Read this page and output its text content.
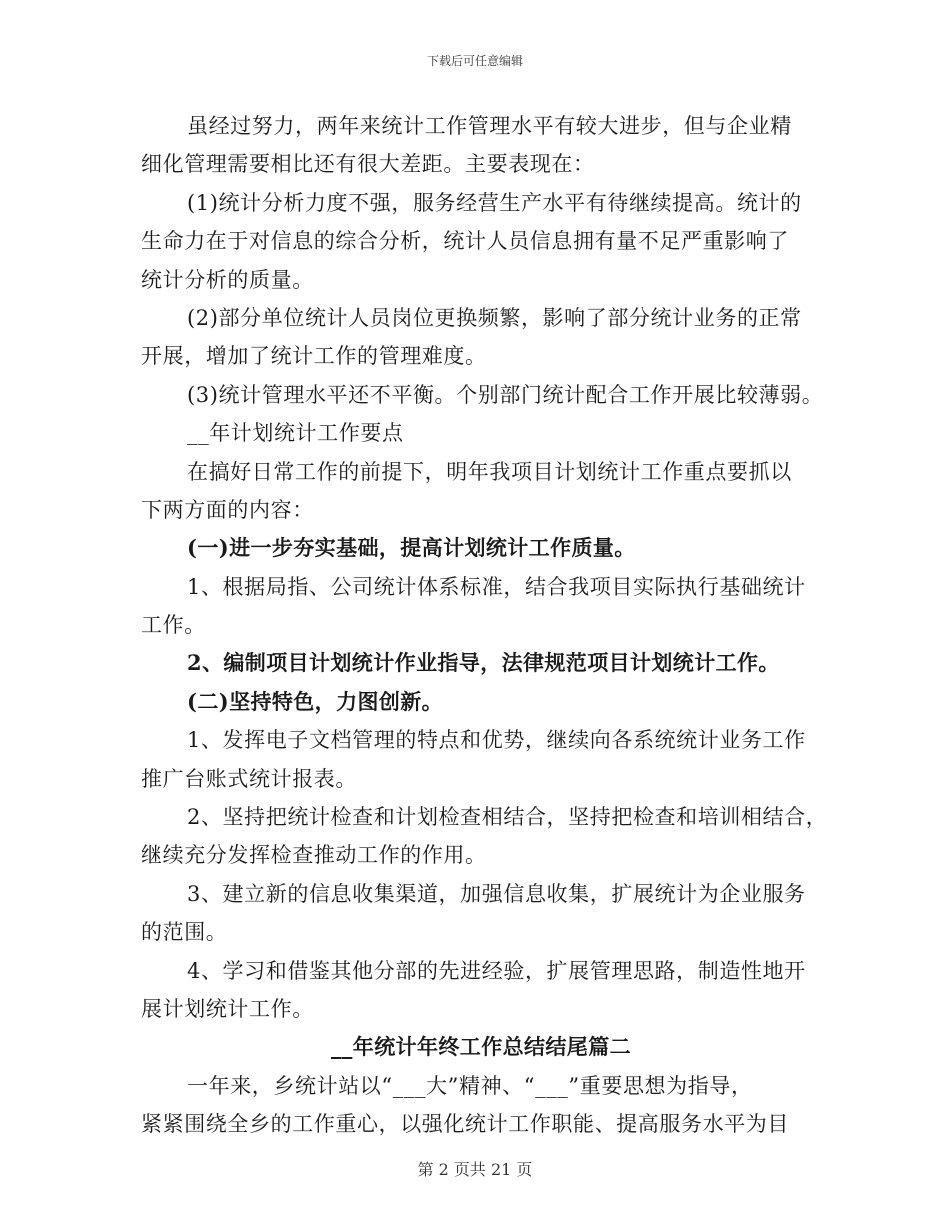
下载后可任意编辑
虽经过努力，两年来统计工作管理水平有较大进步，但与企业精
细化管理需要相比还有很大差距。主要表现在：
(1)统计分析力度不强，服务经营生产水平有待继续提高。统计的
生命力在于对信息的综合分析，统计人员信息拥有量不足严重影响了
统计分析的质量。
(2)部分单位统计人员岗位更换频繁，影响了部分统计业务的正常
开展，增加了统计工作的管理难度。
(3)统计管理水平还不平衡。个别部门统计配合工作开展比较薄弱。
__年计划统计工作要点
在搞好日常工作的前提下，明年我项目计划统计工作重点要抓以
下两方面的内容：
(一)进一步夯实基础，提高计划统计工作质量。
1、根据局指、公司统计体系标准，结合我项目实际执行基础统计
工作。
2、编制项目计划统计作业指导，法律规范项目计划统计工作。
(二)坚持特色，力图创新。
1、发挥电子文档管理的特点和优势，继续向各系统统计业务工作
推广台账式统计报表。
2、坚持把统计检查和计划检查相结合，坚持把检查和培训相结合，
继续充分发挥检查推动工作的作用。
3、建立新的信息收集渠道，加强信息收集，扩展统计为企业服务
的范围。
4、学习和借鉴其他分部的先进经验，扩展管理思路，制造性地开
展计划统计工作。
__年统计年终工作总结结尾篇二
一年来，乡统计站以“___大”精神、“___”重要思想为指导，
紧紧围绕全乡的工作重心，以强化统计工作职能、提高服务水平为目
第 2 页共 21 页
